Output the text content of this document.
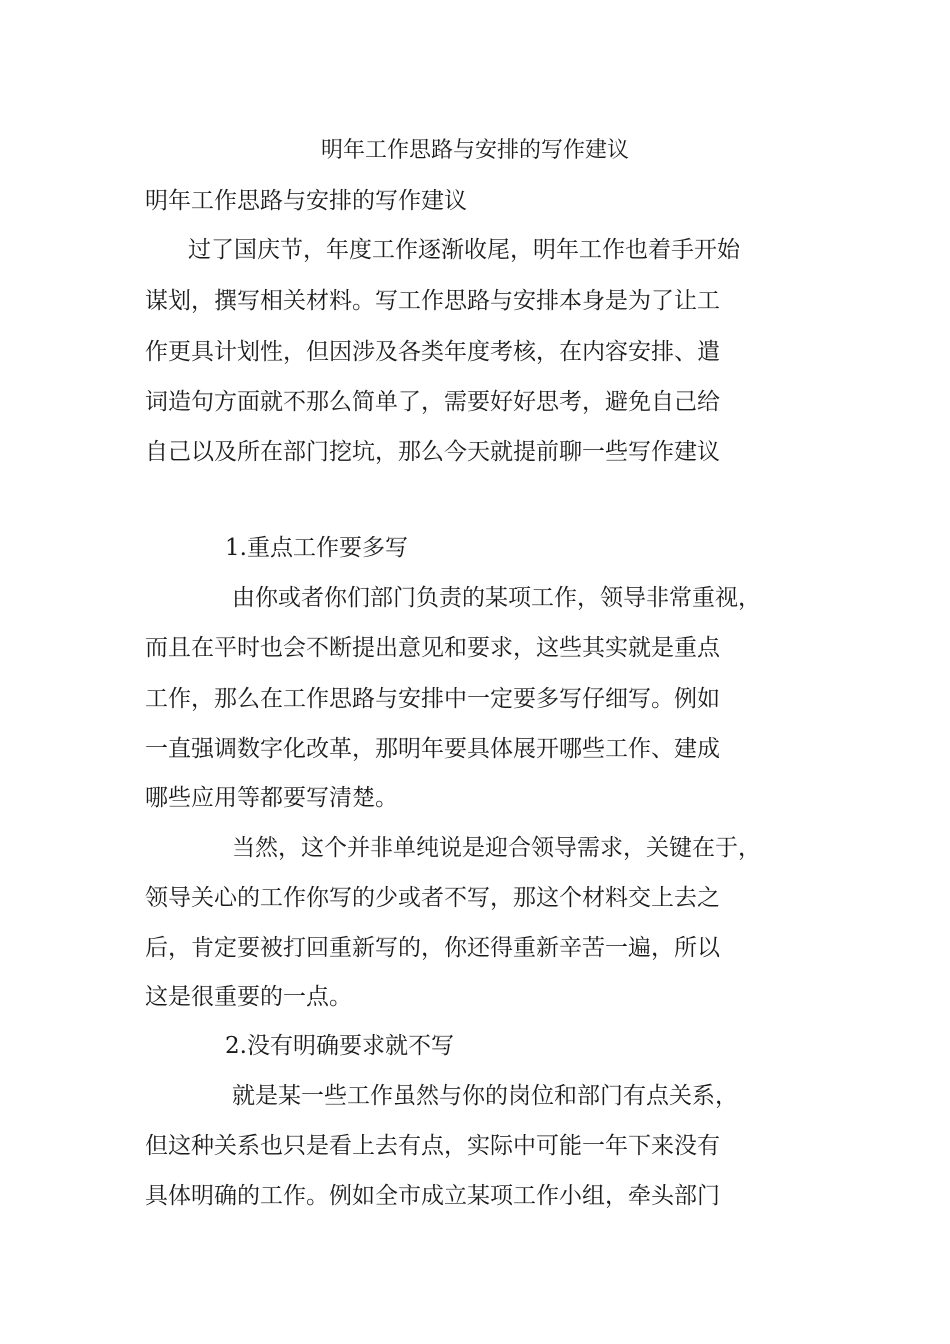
明年工作思路与安排的写作建议

明年工作思路与安排的写作建议

过了国庆节，年度工作逐渐收尾，明年工作也着手开始

谋划，撰写相关材料。写工作思路与安排本身是为了让工

作更具计划性，但因涉及各类年度考核，在内容安排、遣

词造句方面就不那么简单了，需要好好思考，避免自己给

自己以及所在部门挖坑，那么今天就提前聊一些写作建议

1.重点工作要多写

由你或者你们部门负责的某项工作，领导非常重视，

而且在平时也会不断提出意见和要求，这些其实就是重点

工作，那么在工作思路与安排中一定要多写仔细写。例如

一直强调数字化改革，那明年要具体展开哪些工作、建成

哪些应用等都要写清楚。

当然，这个并非单纯说是迎合领导需求，关键在于，

领导关心的工作你写的少或者不写，那这个材料交上去之

后，肯定要被打回重新写的，你还得重新辛苦一遍，所以

这是很重要的一点。

2.没有明确要求就不写

就是某一些工作虽然与你的岗位和部门有点关系，

但这种关系也只是看上去有点，实际中可能一年下来没有

具体明确的工作。例如全市成立某项工作小组，牵头部门
